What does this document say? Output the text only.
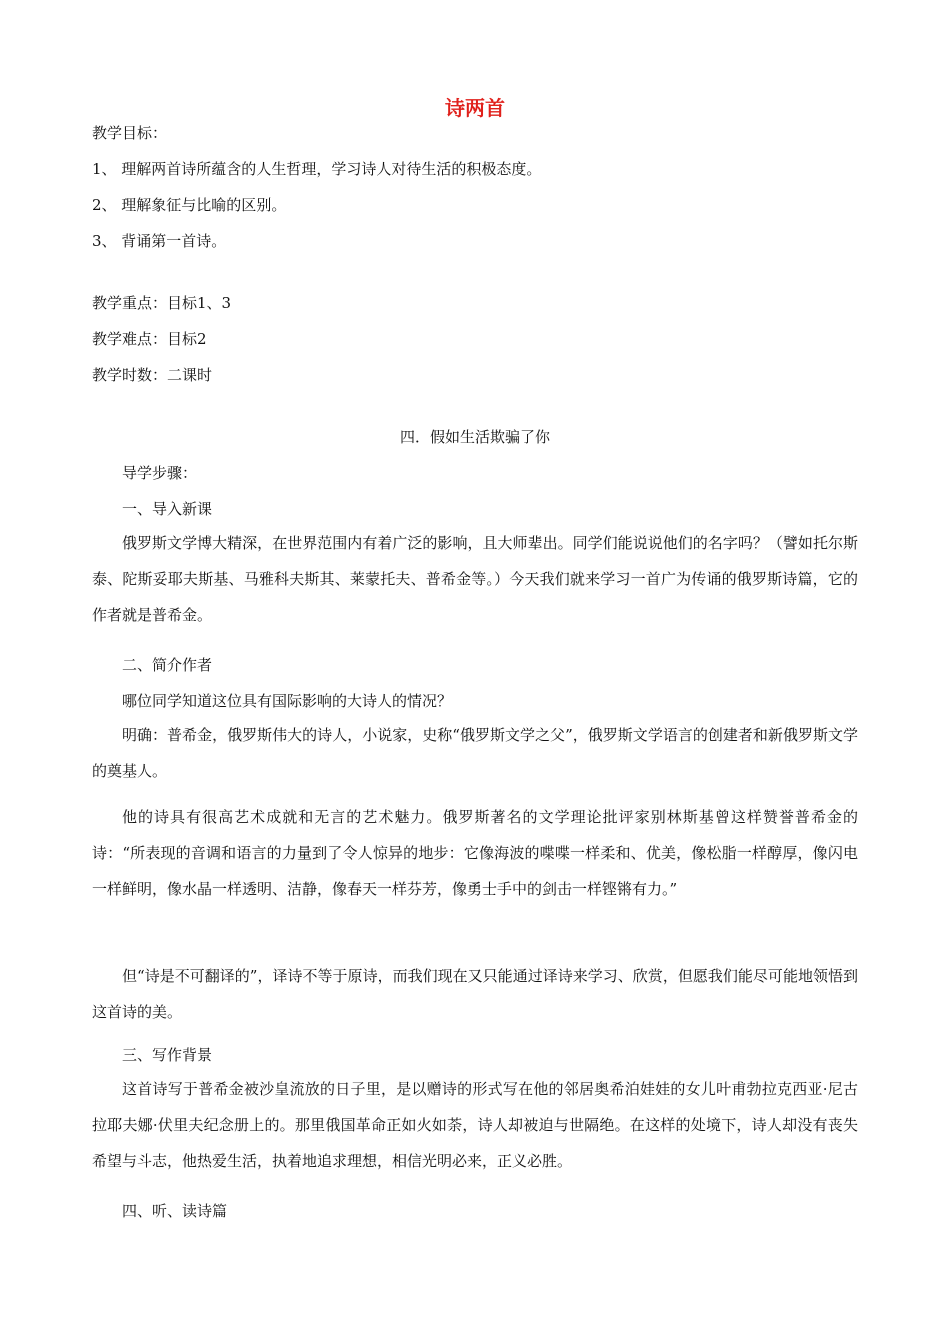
诗两首
教学目标：
1、 理解两首诗所蕴含的人生哲理，学习诗人对待生活的积极态度。
2、 理解象征与比喻的区别。
3、 背诵第一首诗。
教学重点：目标1、3
教学难点：目标2
教学时数：二课时
四．假如生活欺骗了你
导学步骤：
一、导入新课
俄罗斯文学博大精深，在世界范围内有着广泛的影响，且大师辈出。同学们能说说他们的名字吗？（譬如托尔斯泰、陀斯妥耶夫斯基、马雅科夫斯其、莱蒙托夫、普希金等。）今天我们就来学习一首广为传诵的俄罗斯诗篇，它的作者就是普希金。
二、简介作者
哪位同学知道这位具有国际影响的大诗人的情况？
明确：普希金，俄罗斯伟大的诗人，小说家，史称“俄罗斯文学之父”，俄罗斯文学语言的创建者和新俄罗斯文学的奠基人。
他的诗具有很高艺术成就和无言的艺术魅力。俄罗斯著名的文学理论批评家别林斯基曾这样赞誉普希金的诗：“所表现的音调和语言的力量到了令人惊异的地步：它像海波的喋喋一样柔和、优美，像松脂一样醇厚，像闪电一样鲜明，像水晶一样透明、洁静，像春天一样芬芳，像勇士手中的剑击一样铿锵有力。”
但“诗是不可翻译的”，译诗不等于原诗，而我们现在又只能通过译诗来学习、欣赏，但愿我们能尽可能地领悟到这首诗的美。
三、写作背景
这首诗写于普希金被沙皇流放的日子里，是以赠诗的形式写在他的邻居奥希泊娃娃的女儿叶甫勃拉克西亚·尼古拉耶夫娜·伏里夫纪念册上的。那里俄国革命正如火如荼，诗人却被迫与世隔绝。在这样的处境下，诗人却没有丧失希望与斗志，他热爱生活，执着地追求理想，相信光明必来，正义必胜。
四、听、读诗篇
